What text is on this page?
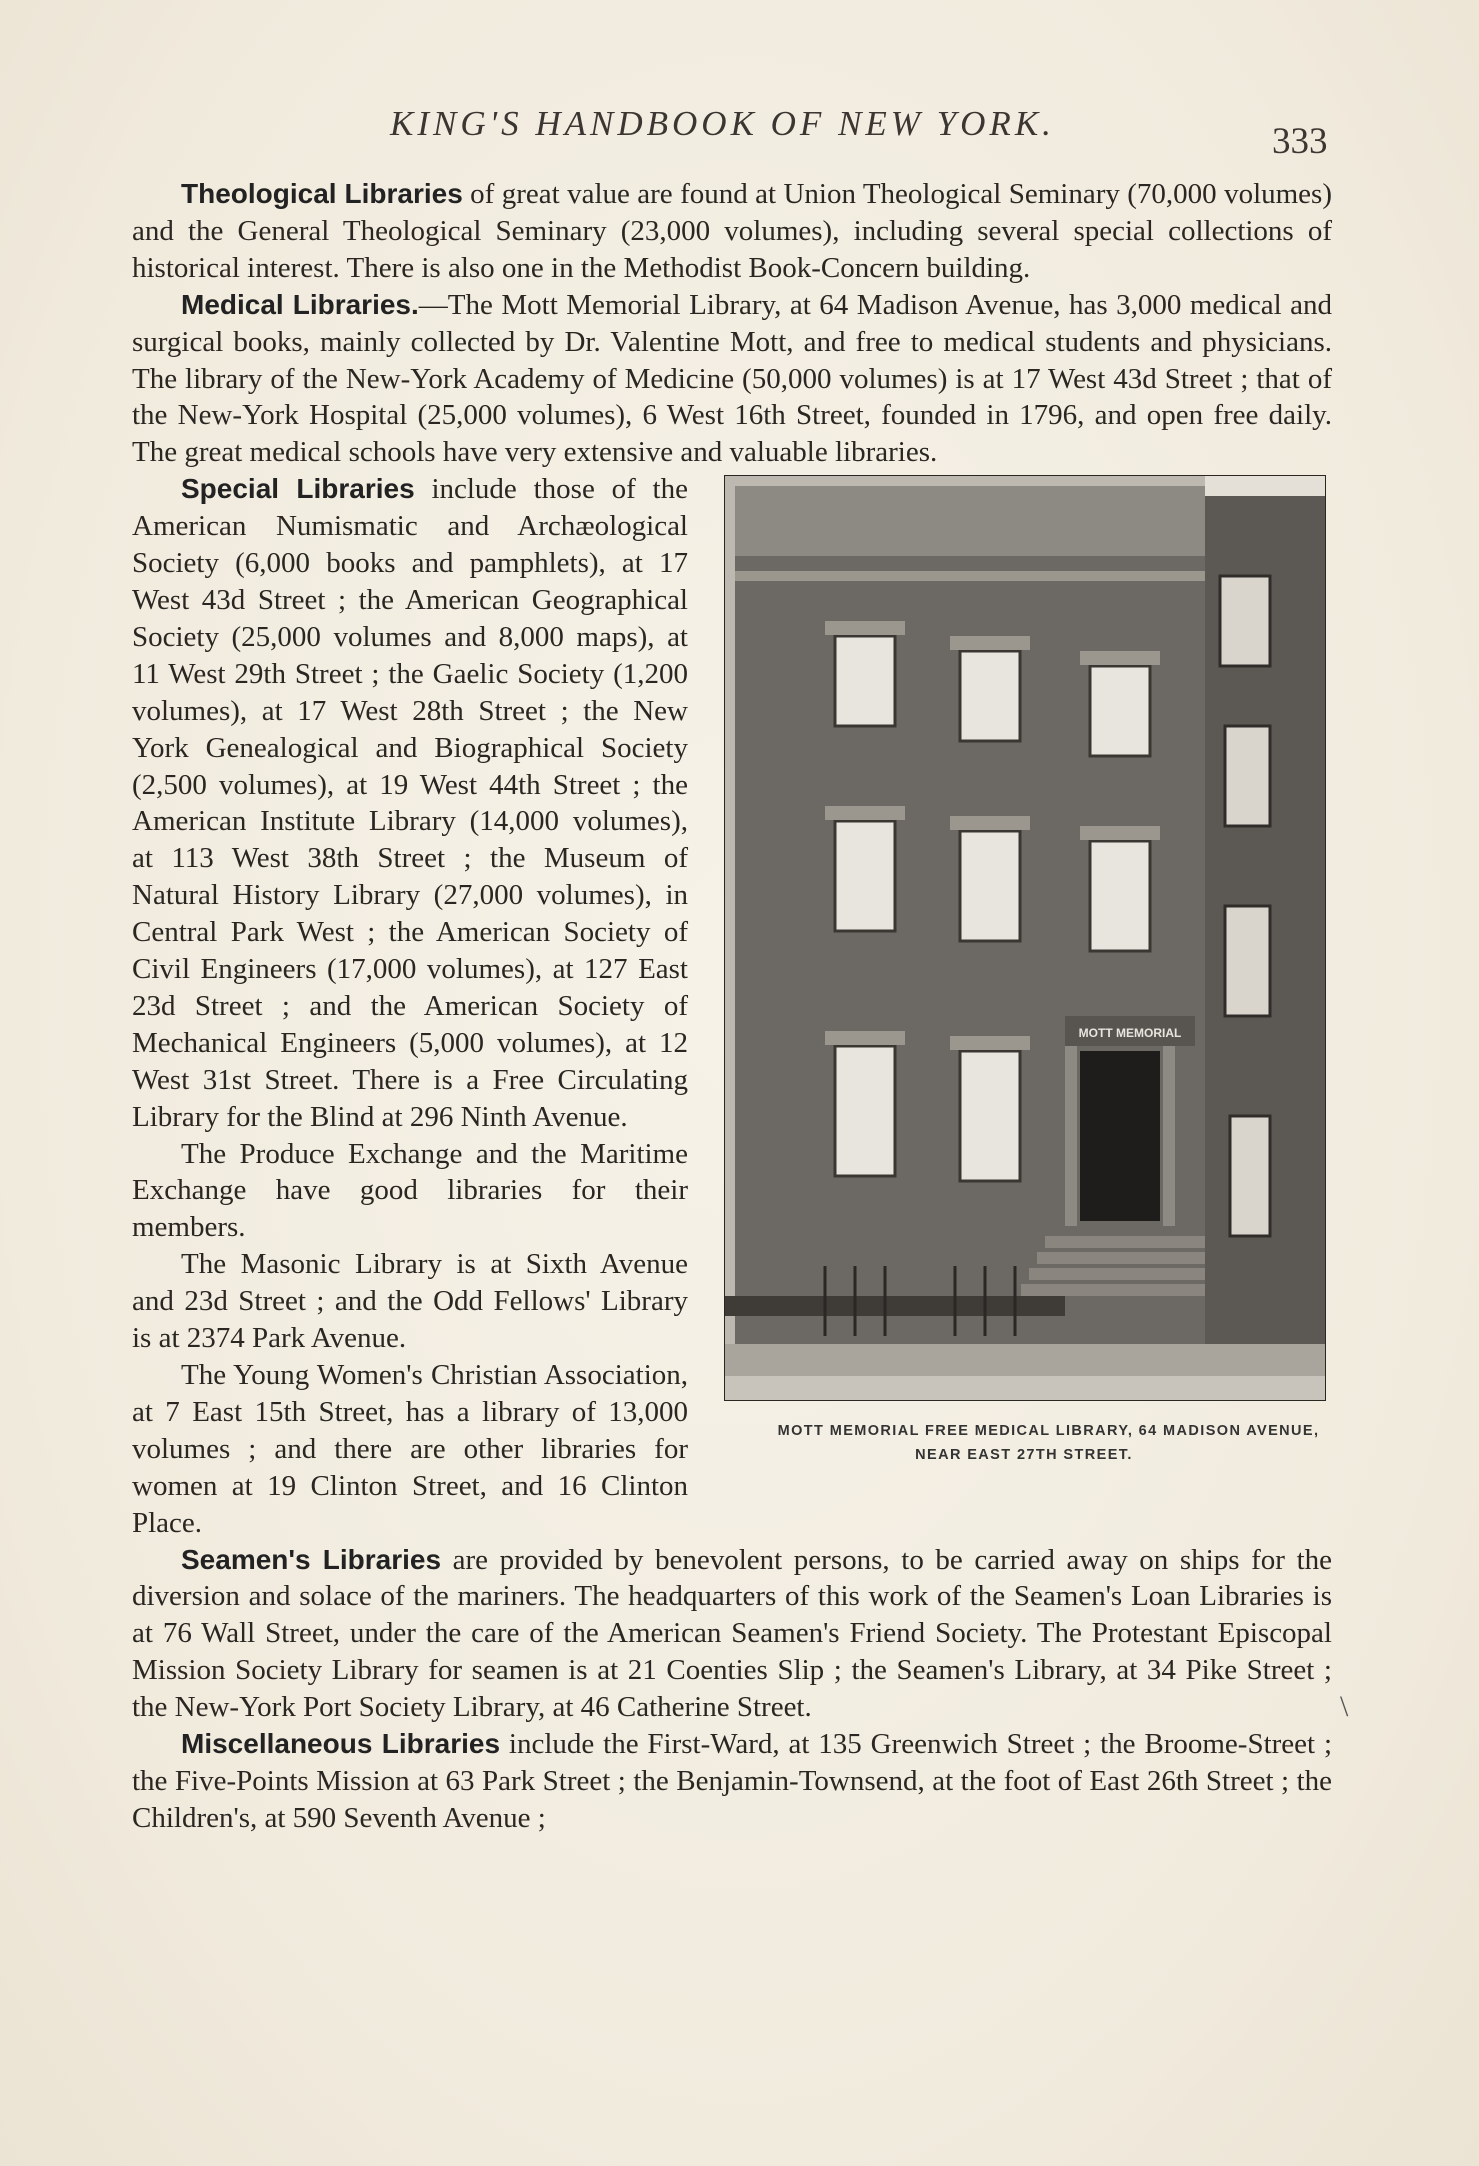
KING'S HANDBOOK OF NEW YORK.	333

Theological Libraries of great value are found at Union Theological Seminary (70,000 volumes) and the General Theological Seminary (23,000 volumes), including several special collections of historical interest. There is also one in the Methodist Book-Concern building.

Medical Libraries.—The Mott Memorial Library, at 64 Madison Avenue, has 3,000 medical and surgical books, mainly collected by Dr. Valentine Mott, and free to medical students and physicians. The library of the New-York Academy of Medicine (50,000 volumes) is at 17 West 43d Street ; that of the New-York Hospital (25,000 volumes), 6 West 16th Street, founded in 1796, and open free daily. The great medical schools have very extensive and valuable libraries.

MOTT MEMORIAL
MOTT MEMORIAL FREE MEDICAL LIBRARY, 64 MADISON AVENUE, NEAR EAST 27TH STREET.
Special Libraries include those of the American Numismatic and Archæological Society (6,000 books and pamphlets), at 17 West 43d Street ; the American Geographical Society (25,000 volumes and 8,000 maps), at 11 West 29th Street ; the Gaelic Society (1,200 volumes), at 17 West 28th Street ; the New York Genealogical and Biographical Society (2,500 volumes), at 19 West 44th Street ; the American Institute Library (14,000 volumes), at 113 West 38th Street ; the Museum of Natural History Library (27,000 volumes), in Central Park West ; the American Society of Civil Engineers (17,000 volumes), at 127 East 23d Street ; and the American Society of Mechanical Engineers (5,000 volumes), at 12 West 31st Street. There is a Free Circulating Library for the Blind at 296 Ninth Avenue.

The Produce Exchange and the Maritime Exchange have good libraries for their members.

The Masonic Library is at Sixth Avenue and 23d Street ; and the Odd Fellows' Library is at 2374 Park Avenue.

The Young Women's Christian Association, at 7 East 15th Street, has a library of 13,000 volumes ; and there are other libraries for women at 19 Clinton Street, and 16 Clinton Place.

Seamen's Libraries are provided by benevolent persons, to be carried away on ships for the diversion and solace of the mariners. The headquarters of this work of the Seamen's Loan Libraries is at 76 Wall Street, under the care of the American Seamen's Friend Society. The Protestant Episcopal Mission Society Library for seamen is at 21 Coenties Slip ; the Seamen's Library, at 34 Pike Street ; the New-York Port Society Library, at 46 Catherine Street.

Miscellaneous Libraries include the First-Ward, at 135 Greenwich Street ; the Broome-Street ; the Five-Points Mission at 63 Park Street ; the Benjamin-Townsend, at the foot of East 26th Street ; the Children's, at 590 Seventh Avenue ;

\
